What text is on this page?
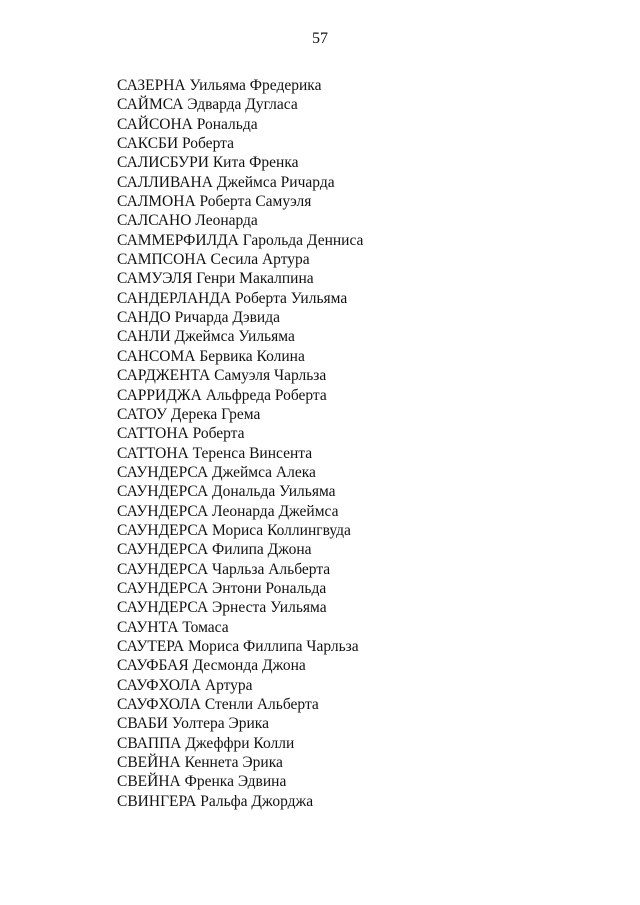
57
САЗЕРНА Уильяма Фредерика
САЙМСА Эдварда Дугласа
САЙСОНА Рональда
САКСБИ Роберта
САЛИСБУРИ Кита Френка
САЛЛИВАНА Джеймса Ричарда
САЛМОНА Роберта Самуэля
САЛСАНО Леонарда
САММЕРФИЛДА Гарольда Денниса
САМПСОНА Сесила Артура
САМУЭЛЯ Генри Макалпина
САНДЕРЛАНДА Роберта Уильяма
САНДО Ричарда Дэвида
САНЛИ Джеймса Уильяма
САНСОМА Бервика Колина
САРДЖЕНТА Самуэля Чарльза
САРРИДЖА Альфреда Роберта
САТОУ Дерека Грема
САТТОНА Роберта
САТТОНА Теренса Винсента
САУНДЕРСА Джеймса Алека
САУНДЕРСА Дональда Уильяма
САУНДЕРСА Леонарда Джеймса
САУНДЕРСА Мориса Коллингвуда
САУНДЕРСА Филипа Джона
САУНДЕРСА Чарльза Альберта
САУНДЕРСА Энтони Рональда
САУНДЕРСА Эрнеста Уильяма
САУНТА Томаса
САУТЕРА Мориса Филлипа Чарльза
САУФБАЯ Десмонда Джона
САУФХОЛА Артура
САУФХОЛА Стенли Альберта
СВАБИ Уолтера Эрика
СВАППА Джеффри Колли
СВЕЙНА Кеннета Эрика
СВЕЙНА Френка Эдвина
СВИНГЕРА Ральфа Джорджа
